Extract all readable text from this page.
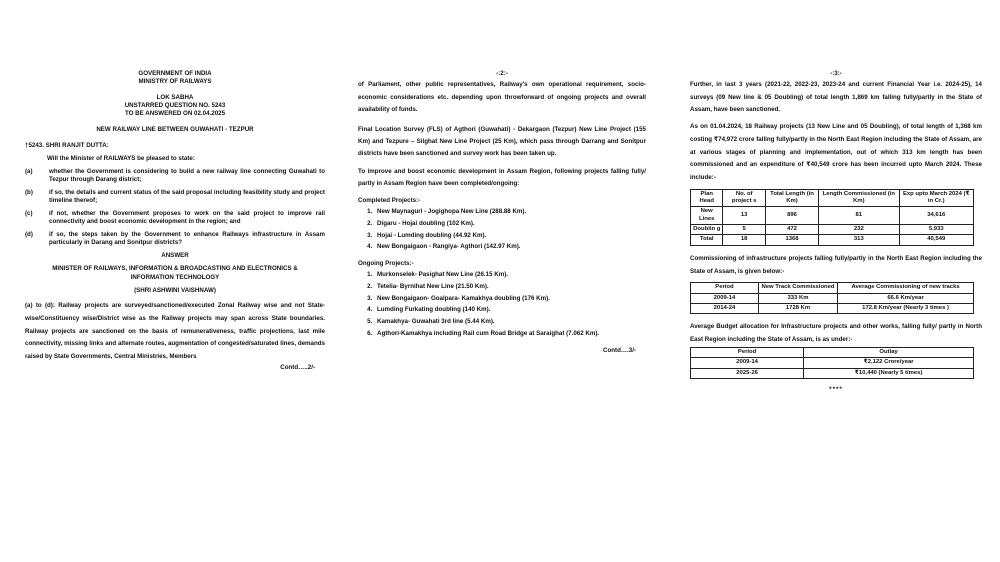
GOVERNMENT OF INDIA
MINISTRY OF RAILWAYS
LOK SABHA
UNSTARRED QUESTION NO. 5243
TO BE ANSWERED ON 02.04.2025
NEW RAILWAY LINE BETWEEN GUWAHATI - TEZPUR
†5243. SHRI RANJIT DUTTA:
Will the Minister of RAILWAYS be pleased to state:
(a)	whether the Government is considering to build a new railway line connecting Guwahati to Tezpur through Darang district;
(b)	if so, the details and current status of the said proposal including feasibility study and project timeline thereof;
(c)	if not, whether the Government proposes to work on the said project to improve rail connectivity and boost economic development in the region; and
(d)	if so, the steps taken by the Government to enhance Railways infrastructure in Assam particularly in Darang and Sonitpur districts?
ANSWER
MINISTER OF RAILWAYS, INFORMATION & BROADCASTING AND ELECTRONICS & INFORMATION TECHNOLOGY
(SHRI ASHWINI VAISHNAW)
(a) to (d): Railway projects are surveyed/sanctioned/executed Zonal Railway wise and not State-wise/Constituency wise/District wise as the Railway projects may span across State boundaries. Railway projects are sanctioned on the basis of remunerativeness, traffic projections, last mile connectivity, missing links and alternate routes, augmentation of congested/saturated lines, demands raised by State Governments, Central Ministries, Members
Contd…..2/-
-:2:-
of Parliament, other public representatives, Railway's own operational requirement, socio-economic considerations etc. depending upon throwforward of ongoing projects and overall availability of funds.
Final Location Survey (FLS) of Agthori (Guwahati) - Dekargaon (Tezpur) New Line Project (155 Km) and Tezpure – Silghat New Line Project (25 Km), which pass through Darrang and Sonitpur districts have been sanctioned and survey work has been taken up.
To improve and boost economic development in Assam Region, following projects falling fully/ partly in Assam Region have been completed/ongoing:
Completed Projects:-
1. New Maynaguri - Jogighopa New Line (288.88 Km).
2. Digaru - Hojai doubling (102 Km).
3. Hojai - Lumding doubling (44.92 Km).
4. New Bongaigaon - Rangiya- Agthori (142.97 Km).
Ongoing Projects:-
1. Murkonselek- Pasighat New Line (26.15 Km).
2. Tetelia- Byrnihat New Line (21.50 Km).
3. New Bongaigaon- Goalpara- Kamakhya doubling (176 Km).
4. Lumding Furkating doubling (140 Km).
5. Kamakhya- Guwahati 3rd line (5.44 Km).
6. Agthori-Kamakhya including Rail cum Road Bridge at Saraighat (7.062 Km).
Contd….3/-
-:3:-
Further, in last 3 years (2021-22, 2022-23, 2023-24 and current Financial Year i.e. 2024-25), 14 surveys (09 New line & 05 Doubling) of total length 1,869 km falling fully/partly in the State of Assam, have been sanctioned.
As on 01.04.2024, 18 Railway projects (13 New Line and 05 Doubling), of total length of 1,368 km costing ₹74,972 crore falling fully/partly in the North East Region including the State of Assam, are at various stages of planning and implementation, out of which 313 km length has been commissioned and an expenditure of ₹40,549 crore has been incurred upto March 2024. These include:-
Plan Head	No. of project s	Total Length (in Km)	Length Commissioned (in Km)	Exp upto March 2024 (₹ in Cr.)
New Lines	13	896	81	34,616
Doublin g	5	472	232	5,933
Total	18	1368	313	40,549
Commissioning of infrastructure projects falling fully/partly in the North East Region including the State of Assam, is given below:-
Period	New Track Commissioned	Average Commissioning of new tracks
2009-14	333 Km	66.6 Km/year
2014-24	1728 Km	172.8 Km/year (Nearly 3 times )
Average Budget allocation for Infrastructure projects and other works, falling fully/ partly in North East Region including the State of Assam, is as under:-
Period	Outlay
2009-14	₹2,122 Crore/year
2025-26	₹10,440 (Nearly 5 times)
****
